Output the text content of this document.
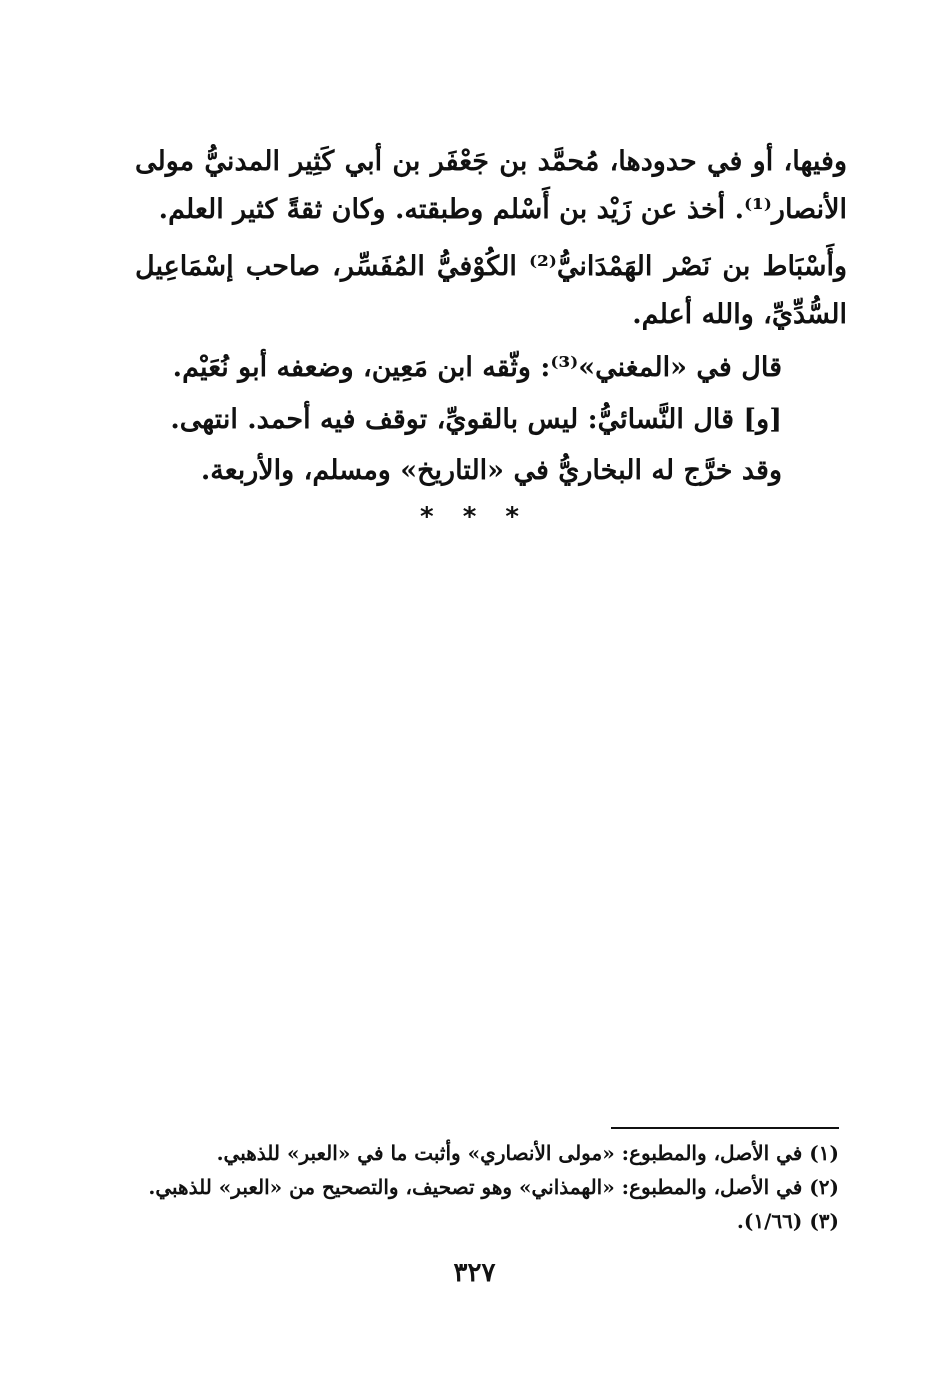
وفيها، أو في حدودها، مُحمَّد بن جَعْفَر بن أبي كَثِير المدنيُّ مولى
الأنصار⁽¹⁾. أخذ عن زَيْد بن أَسْلم وطبقته. وكان ثقةً كثير العلم.
وأَسْبَاط بن نَصْر الهَمْدَانيُّ⁽²⁾ الكُوْفيُّ المُفَسِّر، صاحب إسْمَاعِيل
السُّدِّيِّ، والله أعلم.
قال في «المغني»⁽³⁾: وثّقه ابن مَعِين، وضعفه أبو نُعَيْم.
[و] قال النَّسائيُّ: ليس بالقويِّ، توقف فيه أحمد. انتهى.
وقد خرَّج له البخاريُّ في «التاريخ» ومسلم، والأربعة.
* * *
(١) في الأصل، والمطبوع: «مولى الأنصاري» وأثبت ما في «العبر» للذهبي.
(٢) في الأصل، والمطبوع: «الهمذاني» وهو تصحيف، والتصحيح من «العبر» للذهبي.
(٣) (١/٦٦).
٣٢٧
